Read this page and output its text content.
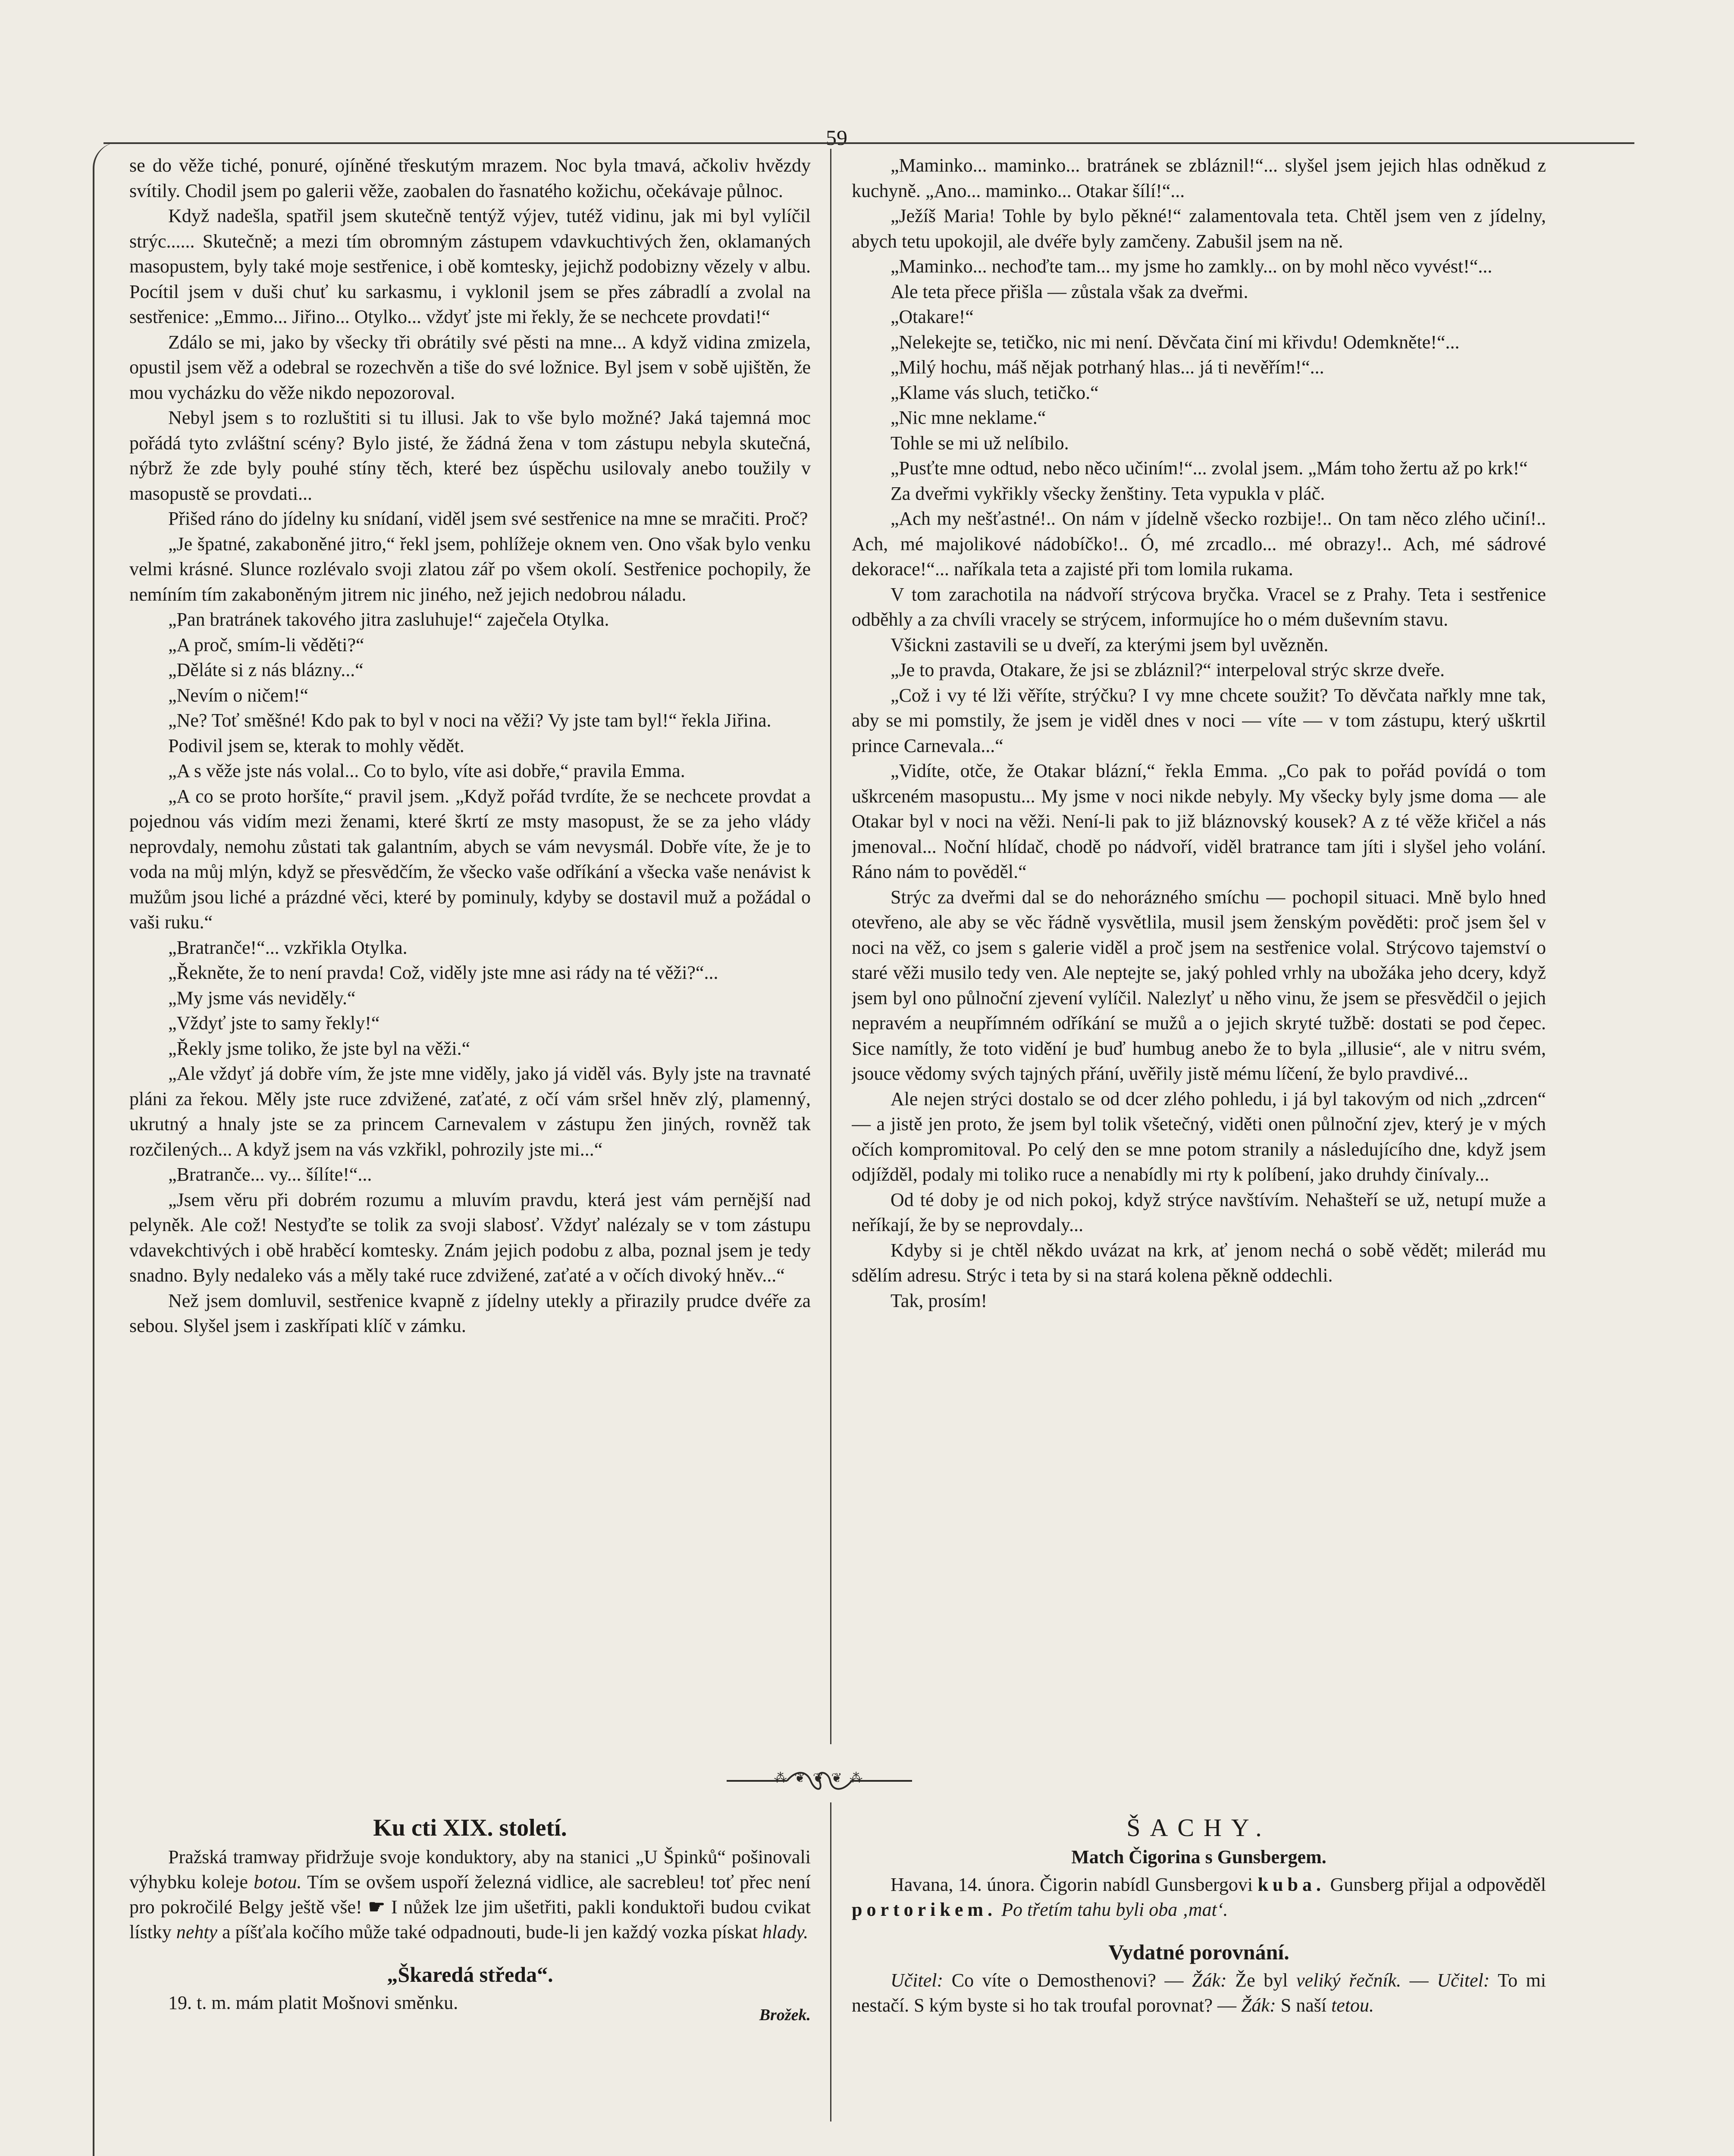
59

se do věže tiché, ponuré, ojíněné třeskutým mrazem. Noc byla tmavá, ačkoliv hvězdy svítily. Chodil jsem po galerii věže, zaobalen do řasnatého kožichu, očekávaje půlnoc.

Když nadešla, spatřil jsem skutečně tentýž výjev, tutéž vidinu, jak mi byl vylíčil strýc...... Skutečně; a mezi tím obromným zástupem vdavkuchtivých žen, oklamaných masopustem, byly také moje sestřenice, i obě komtesky, jejichž podobizny vězely v albu. Pocítil jsem v duši chuť ku sarkasmu, i vyklonil jsem se přes zábradlí a zvolal na sestřenice: „Emmo... Jiřino... Otylko... vždyť jste mi řekly, že se nechcete provdati!“

Zdálo se mi, jako by všecky tři obrátily své pěsti na mne... A když vidina zmizela, opustil jsem věž a odebral se rozechvěn a tiše do své ložnice. Byl jsem v sobě ujištěn, že mou vycházku do věže nikdo nepozoroval.

Nebyl jsem s to rozluštiti si tu illusi. Jak to vše bylo možné? Jaká tajemná moc pořádá tyto zvláštní scény? Bylo jisté, že žádná žena v tom zástupu nebyla skutečná, nýbrž že zde byly pouhé stíny těch, které bez úspěchu usilovaly anebo toužily v masopustě se provdati...

Přišed ráno do jídelny ku snídaní, viděl jsem své sestřenice na mne se mračiti. Proč?

„Je špatné, zakaboněné jitro,“ řekl jsem, pohlížeje oknem ven. Ono však bylo venku velmi krásné. Slunce rozlévalo svoji zlatou zář po všem okolí. Sestřenice pochopily, že nemíním tím zakaboněným jitrem nic jiného, než jejich nedobrou náladu.

„Pan bratránek takového jitra zasluhuje!“ zaječela Otylka.

„A proč, smím-li věděti?“

„Děláte si z nás blázny...“

„Nevím o ničem!“

„Ne? Toť směšné! Kdo pak to byl v noci na věži? Vy jste tam byl!“ řekla Jiřina.

Podivil jsem se, kterak to mohly vědět.

„A s věže jste nás volal... Co to bylo, víte asi dobře,“ pravila Emma.

„A co se proto horšíte,“ pravil jsem. „Když pořád tvrdíte, že se nechcete provdat a pojednou vás vidím mezi ženami, které škrtí ze msty masopust, že se za jeho vlády neprovdaly, nemohu zůstati tak galantním, abych se vám nevysmál. Dobře víte, že je to voda na můj mlýn, když se přesvědčím, že všecko vaše odříkání a všecka vaše nenávist k mužům jsou liché a prázdné věci, které by pominuly, kdyby se dostavil muž a požádal o vaši ruku.“

„Bratranče!“... vzkřikla Otylka.

„Řekněte, že to není pravda! Což, viděly jste mne asi rády na té věži?“...

„My jsme vás neviděly.“

„Vždyť jste to samy řekly!“

„Řekly jsme toliko, že jste byl na věži.“

„Ale vždyť já dobře vím, že jste mne viděly, jako já viděl vás. Byly jste na travnaté pláni za řekou. Měly jste ruce zdvižené, zaťaté, z očí vám sršel hněv zlý, plamenný, ukrutný a hnaly jste se za princem Carnevalem v zástupu žen jiných, rovněž tak rozčilených... A když jsem na vás vzkřikl, pohrozily jste mi...“

„Bratranče... vy... šílíte!“...

„Jsem věru při dobrém rozumu a mluvím pravdu, která jest vám pernější nad pelyněk. Ale což! Nestyďte se tolik za svoji slabosť. Vždyť nalézaly se v tom zástupu vdavekchtivých i obě hraběcí komtesky. Znám jejich podobu z alba, poznal jsem je tedy snadno. Byly nedaleko vás a měly také ruce zdvižené, zaťaté a v očích divoký hněv...“

Než jsem domluvil, sestřenice kvapně z jídelny utekly a přirazily prudce dvéře za sebou. Slyšel jsem i zaskřípati klíč v zámku.

„Maminko... maminko... bratránek se zbláznil!“... slyšel jsem jejich hlas odněkud z kuchyně. „Ano... maminko... Otakar šílí!“...

„Ježíš Maria! Tohle by bylo pěkné!“ zalamentovala teta. Chtěl jsem ven z jídelny, abych tetu upokojil, ale dvéře byly zamčeny. Zabušil jsem na ně.

„Maminko... nechoďte tam... my jsme ho zamkly... on by mohl něco vyvést!“...

Ale teta přece přišla — zůstala však za dveřmi.

„Otakare!“

„Nelekejte se, tetičko, nic mi není. Děvčata činí mi křivdu! Odemkněte!“...

„Milý hochu, máš nějak potrhaný hlas... já ti nevěřím!“...

„Klame vás sluch, tetičko.“

„Nic mne neklame.“

Tohle se mi už nelíbilo.

„Pusťte mne odtud, nebo něco učiním!“... zvolal jsem. „Mám toho žertu až po krk!“

Za dveřmi vykřikly všecky ženštiny. Teta vypukla v pláč.

„Ach my nešťastné!.. On nám v jídelně všecko rozbije!.. On tam něco zlého učiní!.. Ach, mé majolikové nádobíčko!.. Ó, mé zrcadlo... mé obrazy!.. Ach, mé sádrové dekorace!“... naříkala teta a zajisté při tom lomila rukama.

V tom zarachotila na nádvoří strýcova bryčka. Vracel se z Prahy. Teta i sestřenice odběhly a za chvíli vracely se strýcem, informujíce ho o mém duševním stavu.

Všickni zastavili se u dveří, za kterými jsem byl uvězněn.

„Je to pravda, Otakare, že jsi se zbláznil?“ interpeloval strýc skrze dveře.

„Což i vy té lži věříte, strýčku? I vy mne chcete soužit? To děvčata nařkly mne tak, aby se mi pomstily, že jsem je viděl dnes v noci — víte — v tom zástupu, který uškrtil prince Carnevala...“

„Vidíte, otče, že Otakar blázní,“ řekla Emma. „Co pak to pořád povídá o tom uškrceném masopustu... My jsme v noci nikde nebyly. My všecky byly jsme doma — ale Otakar byl v noci na věži. Není-li pak to již bláznovský kousek? A z té věže křičel a nás jmenoval... Noční hlídač, chodě po nádvoří, viděl bratrance tam jíti i slyšel jeho volání. Ráno nám to pověděl.“

Strýc za dveřmi dal se do nehorázného smíchu — pochopil situaci. Mně bylo hned otevřeno, ale aby se věc řádně vysvětlila, musil jsem ženským pověděti: proč jsem šel v noci na věž, co jsem s galerie viděl a proč jsem na sestřenice volal. Strýcovo tajemství o staré věži musilo tedy ven. Ale neptejte se, jaký pohled vrhly na ubožáka jeho dcery, když jsem byl ono půlnoční zjevení vylíčil. Nalezlyť u něho vinu, že jsem se přesvědčil o jejich nepravém a neupřímném odříkání se mužů a o jejich skryté tužbě: dostati se pod čepec. Sice namítly, že toto vidění je buď humbug anebo že to byla „illusie“, ale v nitru svém, jsouce vědomy svých tajných přání, uvěřily jistě mému líčení, že bylo pravdivé...

Ale nejen strýci dostalo se od dcer zlého pohledu, i já byl takovým od nich „zdrcen“ — a jistě jen proto, že jsem byl tolik všetečný, viděti onen půlnoční zjev, který je v mých očích kompromitoval. Po celý den se mne potom stranily a následujícího dne, když jsem odjížděl, podaly mi toliko ruce a nenabídly mi rty k políbení, jako druhdy činívaly...

Od té doby je od nich pokoj, když strýce navštívím. Nehašteří se už, netupí muže a neříkají, že by se neprovdaly...

Kdyby si je chtěl někdo uvázat na krk, ať jenom nechá o sobě vědět; milerád mu sdělím adresu. Strýc i teta by si na stará kolena pěkně oddechli.

Tak, prosím!

⁂ ❦ ❦ ❦ ⁂
Ku cti XIX. století.

Pražská tramway přidržuje svoje konduktory, aby na stanici „U Špinků“ pošinovali výhybku koleje botou. Tím se ovšem uspoří železná vidlice, ale sacrebleu! toť přec není pro pokročilé Belgy ještě vše! ☛ I nůžek lze jim ušetřiti, pakli konduktoři budou cvikat lístky nehty a píšťala kočího může také odpadnouti, bude-li jen každý vozka pískat hlady.

„Škaredá středa“.

19. t. m. mám platit Mošnovi směnku.

Brožek.
ŠACHY.
Match Čigorina s Gunsbergem.

Havana, 14. února. Čigorin nabídl Gunsbergovi kuba. Gunsberg přijal a odpověděl portorikem. Po třetím tahu byli oba ‚mat‘.

Vydatné porovnání.

Učitel: Co víte o Demosthenovi? — Žák: Že byl veliký řečník. — Učitel: To mi nestačí. S kým byste si ho tak troufal porovnat? — Žák: S naší tetou.
